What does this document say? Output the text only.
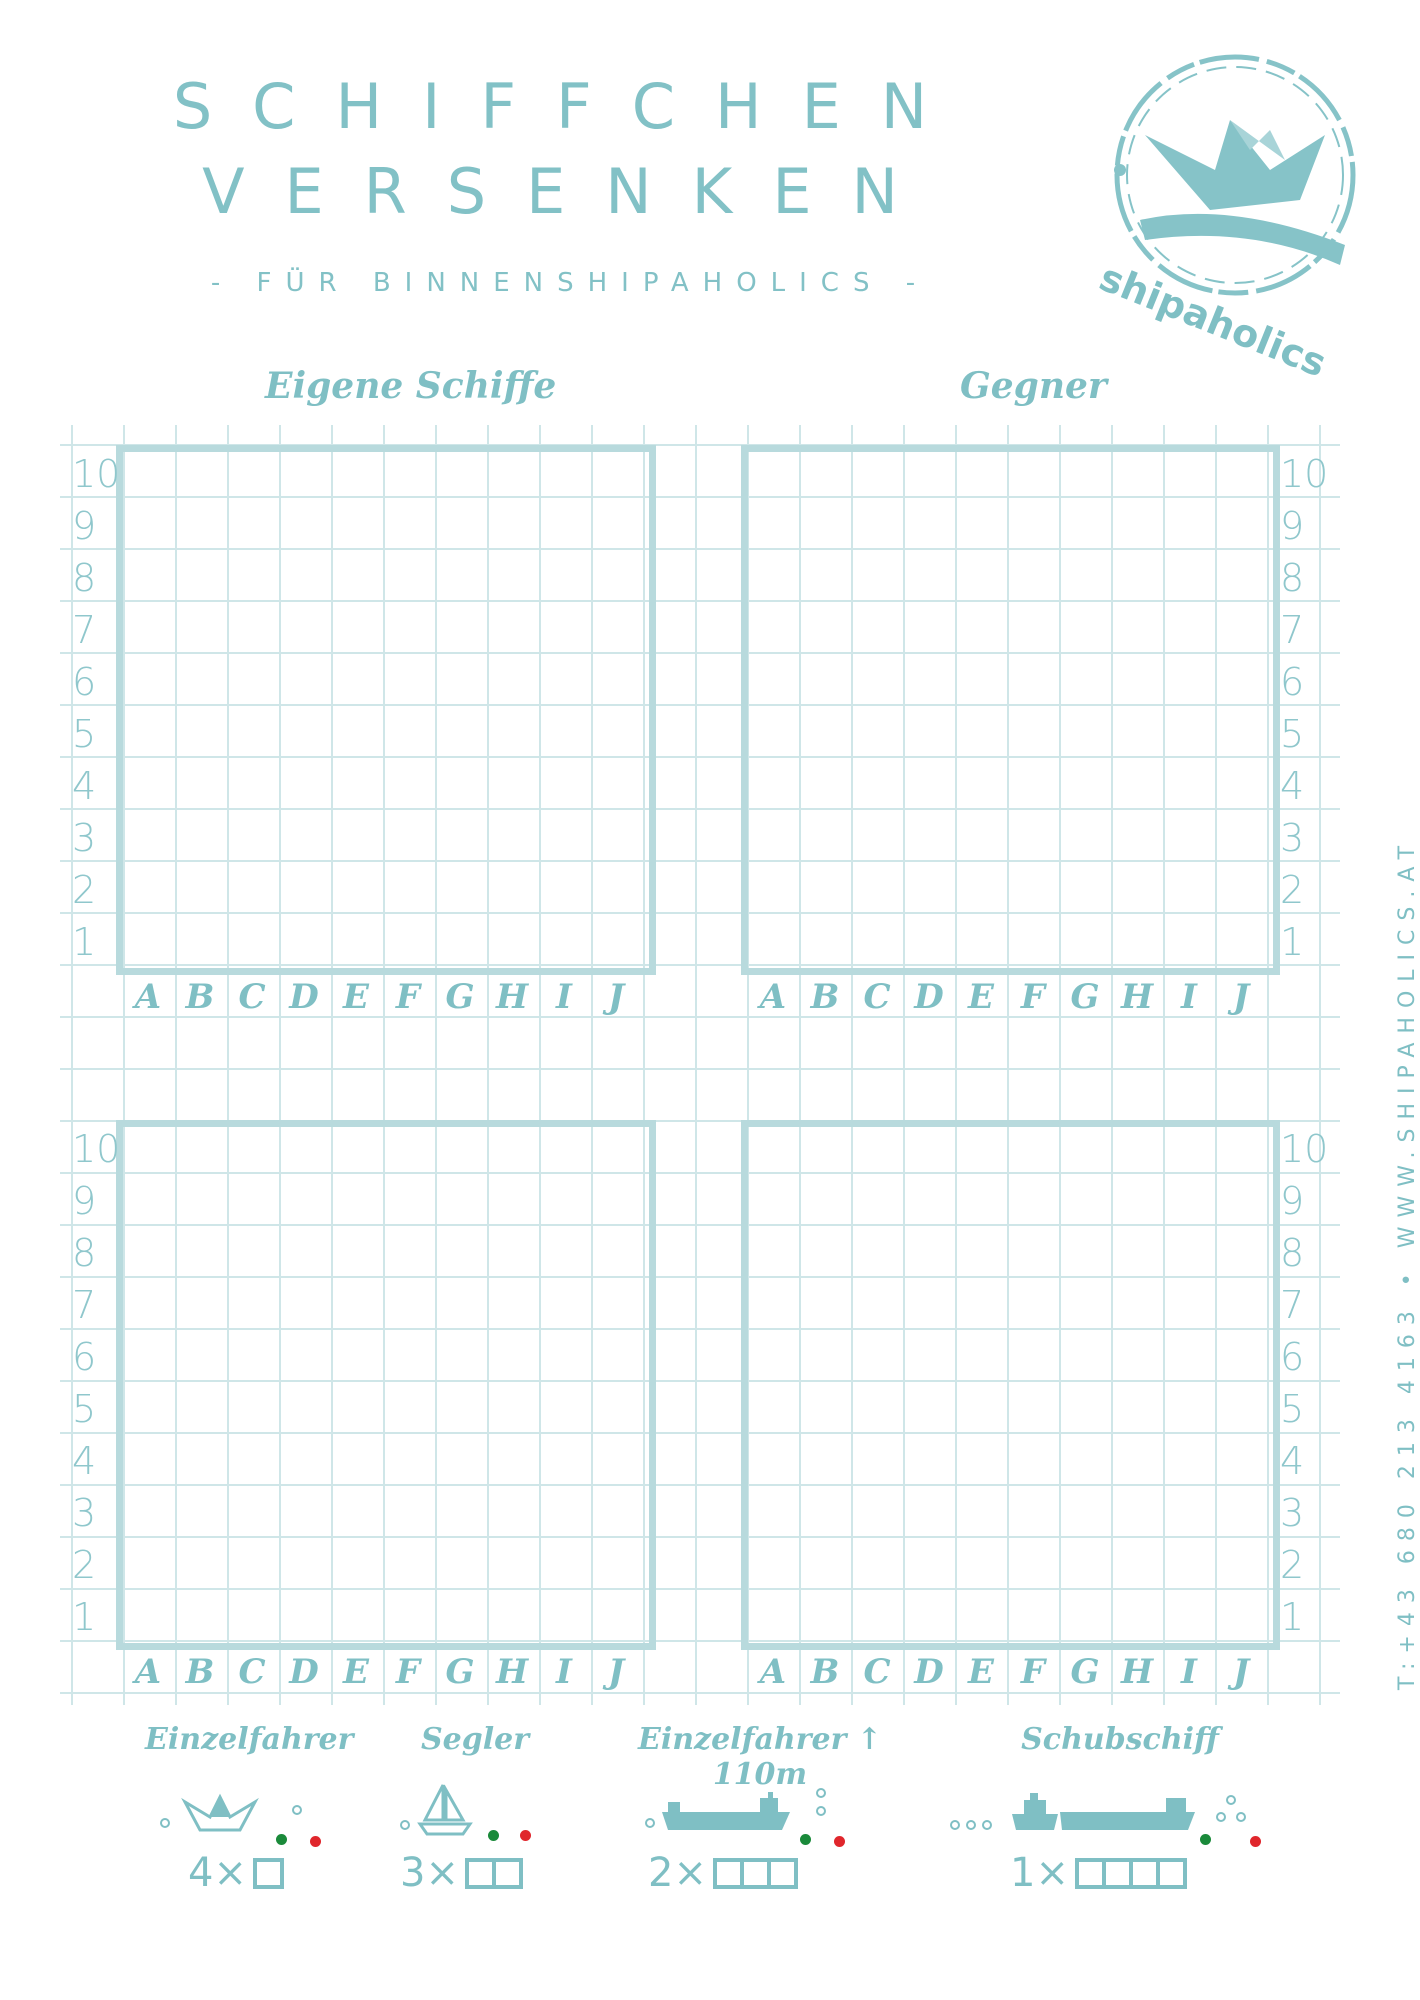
SCHIFFCHEN
VERSENKEN
- FÜR BINNENSHIPAHOLICS -	shipaholics
Eigene Schiffe	Gegner
10
9
8
7
6
5
4
3
2
1
A B C D E F G H I	J
10
9
8
7
6
5
4
3
2
1
A B C D E F G H I	J
10
9
8
7
6
5
4
3
2
1
A B C D E F G H I	J
10
9
8
7
6
5
4
3
2
1
A B C D E F G H I	J	T:+43 680 213 4163 • WWW.SHIPAHOLICS.AT
Einzelfahrer	Segler	Einzelfahrer ↑ 110m
Schubschiff
4×	3×	2×	1×
